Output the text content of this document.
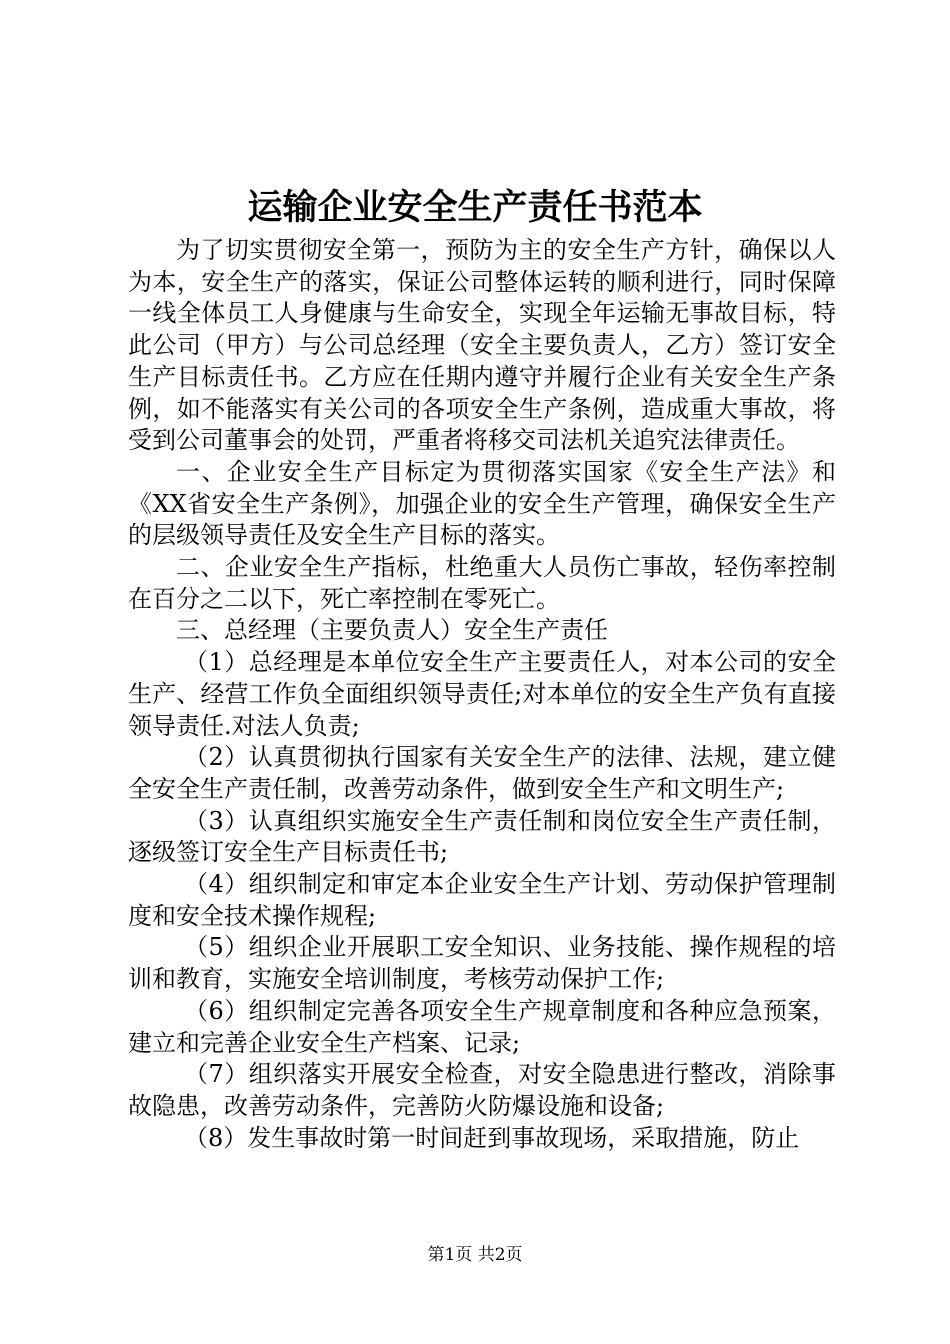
运输企业安全生产责任书范本

为了切实贯彻安全第一，预防为主的安全生产方针，确保以人为本，安全生产的落实，保证公司整体运转的顺利进行，同时保障一线全体员工人身健康与生命安全，实现全年运输无事故目标，特此公司（甲方）与公司总经理（安全主要负责人，乙方）签订安全生产目标责任书。乙方应在任期内遵守并履行企业有关安全生产条例，如不能落实有关公司的各项安全生产条例，造成重大事故，将受到公司董事会的处罚，严重者将移交司法机关追究法律责任。

一、企业安全生产目标定为贯彻落实国家《安全生产法》和《XX省安全生产条例》，加强企业的安全生产管理，确保安全生产的层级领导责任及安全生产目标的落实。

二、企业安全生产指标，杜绝重大人员伤亡事故，轻伤率控制在百分之二以下，死亡率控制在零死亡。

三、总经理（主要负责人）安全生产责任

（1）总经理是本单位安全生产主要责任人，对本公司的安全生产、经营工作负全面组织领导责任;对本单位的安全生产负有直接领导责任.对法人负责;

（2）认真贯彻执行国家有关安全生产的法律、法规，建立健全安全生产责任制，改善劳动条件，做到安全生产和文明生产;

（3）认真组织实施安全生产责任制和岗位安全生产责任制，逐级签订安全生产目标责任书;

（4）组织制定和审定本企业安全生产计划、劳动保护管理制度和安全技术操作规程;

（5）组织企业开展职工安全知识、业务技能、操作规程的培训和教育，实施安全培训制度，考核劳动保护工作;

（6）组织制定完善各项安全生产规章制度和各种应急预案，建立和完善企业安全生产档案、记录;

（7）组织落实开展安全检查，对安全隐患进行整改，消除事故隐患，改善劳动条件，完善防火防爆设施和设备;

（8）发生事故时第一时间赶到事故现场，采取措施，防止

第1页 共2页
